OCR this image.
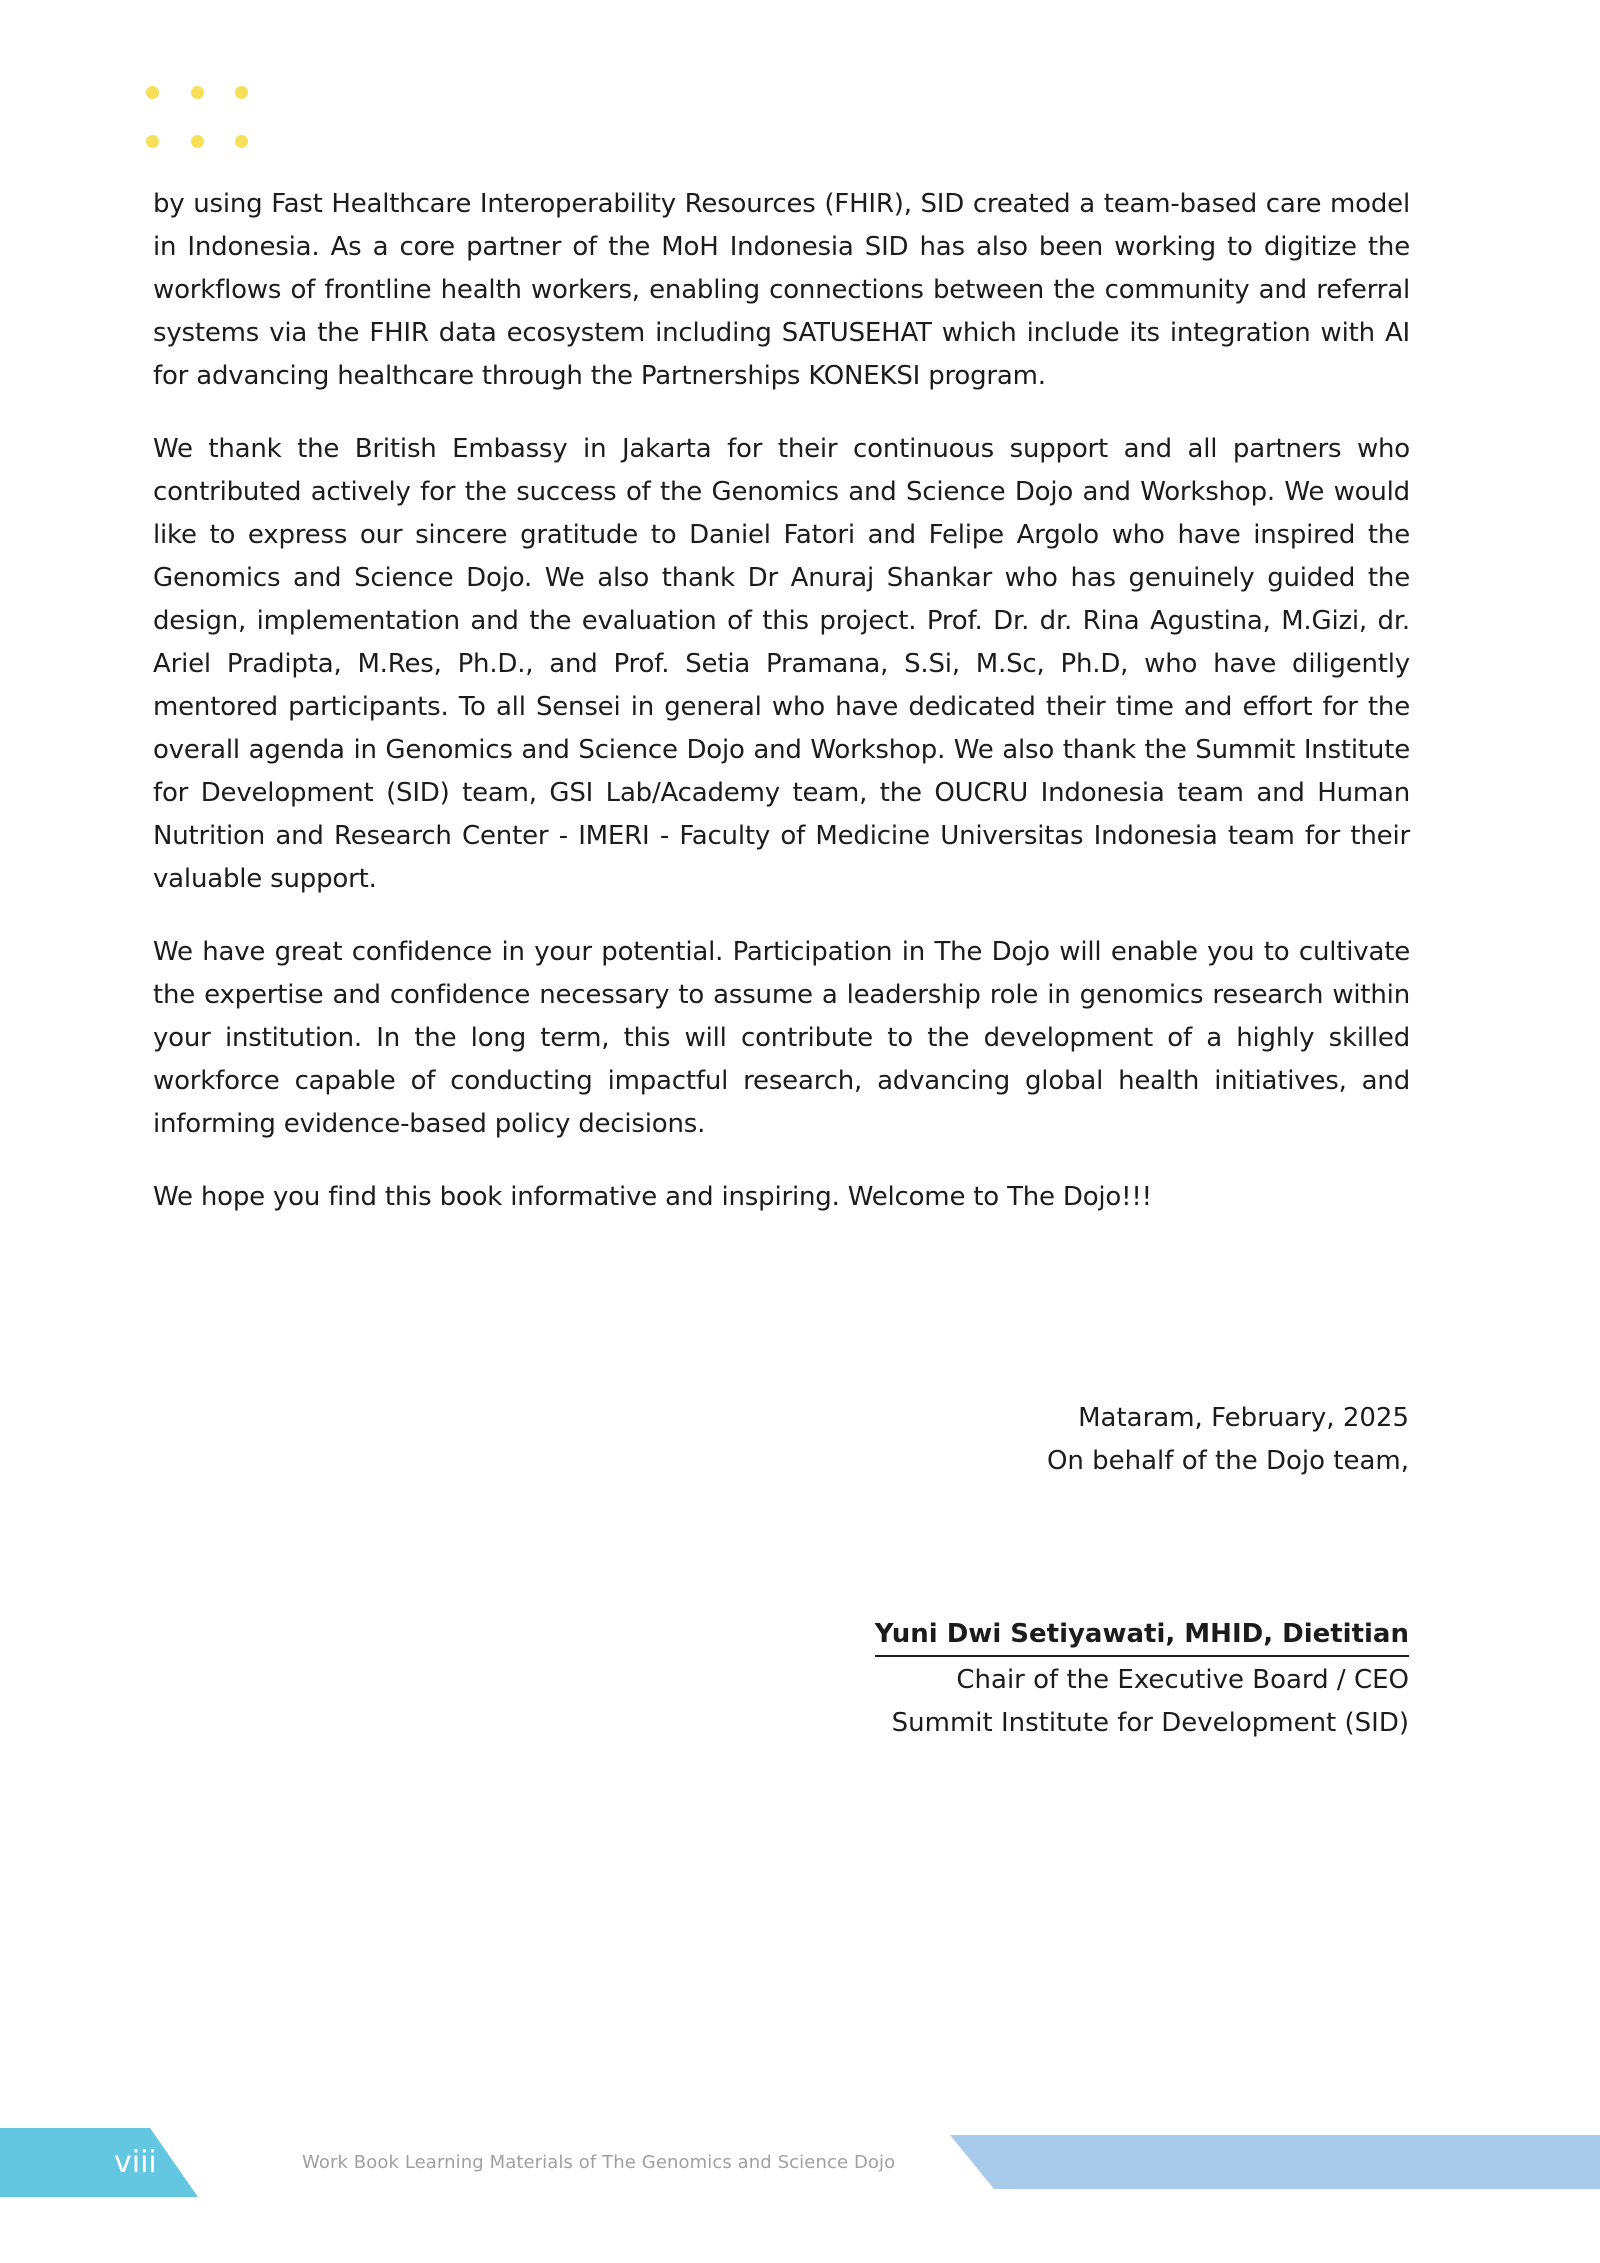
by using Fast Healthcare Interoperability Resources (FHIR), SID created a team-based care model in Indonesia. As a core partner of the MoH Indonesia SID has also been working to digitize the workflows of frontline health workers, enabling connections between the community and referral systems via the FHIR data ecosystem including SATUSEHAT which include its integration with AI for advancing healthcare through the Partnerships KONEKSI program.

We thank the British Embassy in Jakarta for their continuous support and all partners who contributed actively for the success of the Genomics and Science Dojo and Workshop. We would like to express our sincere gratitude to Daniel Fatori and Felipe Argolo who have inspired the Genomics and Science Dojo. We also thank Dr Anuraj Shankar who has genuinely guided the design, implementation and the evaluation of this project. Prof. Dr. dr. Rina Agustina, M.Gizi, dr. Ariel Pradipta, M.Res, Ph.D., and Prof. Setia Pramana, S.Si, M.Sc, Ph.D, who have diligently mentored participants. To all Sensei in general who have dedicated their time and effort for the overall agenda in Genomics and Science Dojo and Workshop. We also thank the Summit Institute for Development (SID) team, GSI Lab/Academy team, the OUCRU Indonesia team and Human Nutrition and Research Center - IMERI - Faculty of Medicine Universitas Indonesia team for their valuable support.

We have great confidence in your potential. Participation in The Dojo will enable you to cultivate the expertise and confidence necessary to assume a leadership role in genomics research within your institution. In the long term, this will contribute to the development of a highly skilled workforce capable of conducting impactful research, advancing global health initiatives, and informing evidence-based policy decisions.

We hope you find this book informative and inspiring. Welcome to The Dojo!!!

Mataram, February, 2025
On behalf of the Dojo team,
Yuni Dwi Setiyawati, MHID, Dietitian
Chair of the Executive Board / CEO
Summit Institute for Development (SID)
viii	Work Book Learning Materials of The Genomics and Science Dojo
